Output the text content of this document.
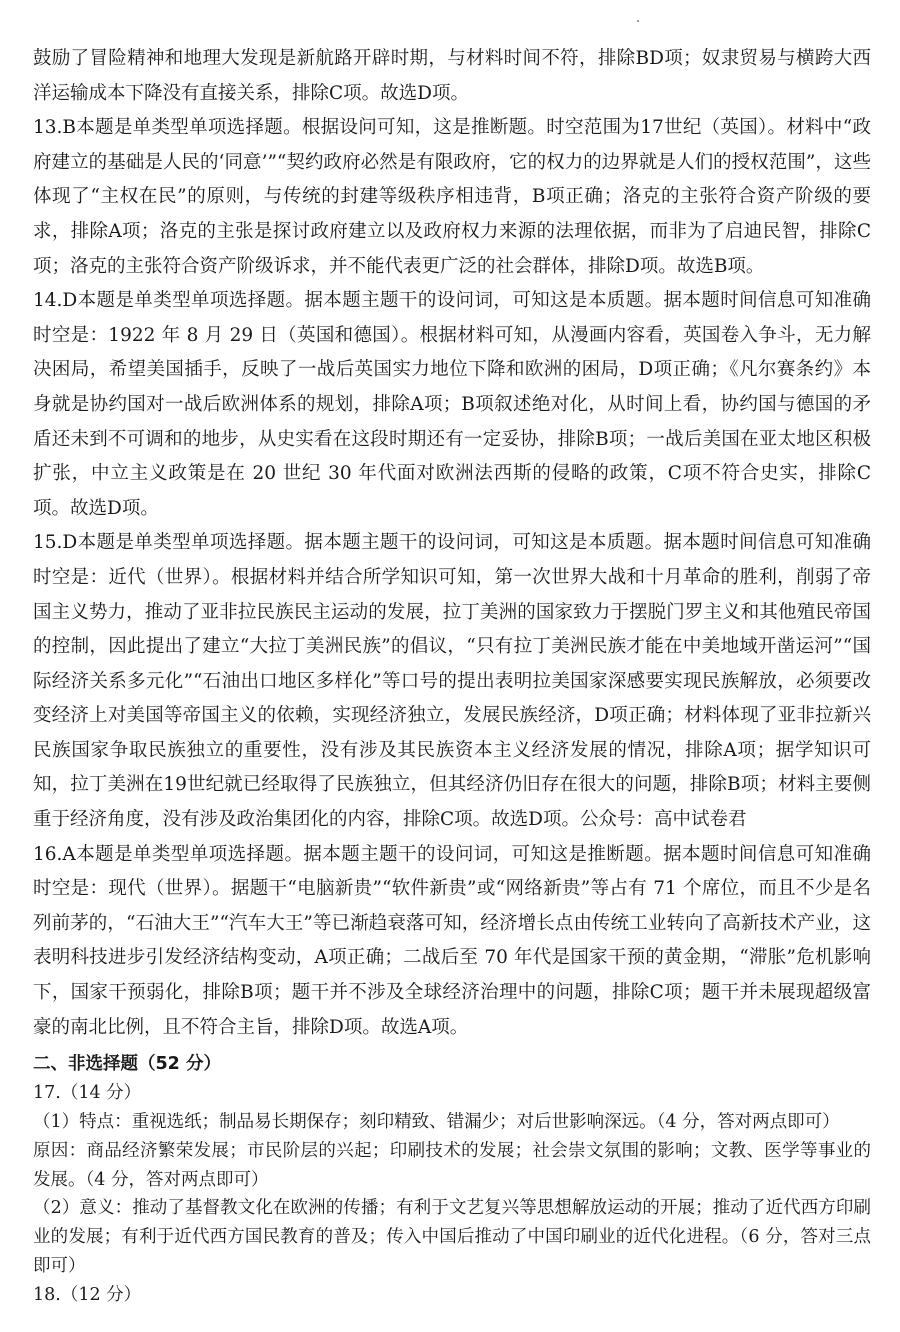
鼓励了冒险精神和地理大发现是新航路开辟时期，与材料时间不符，排除BD项；奴隶贸易与横跨大西洋运输成本下降没有直接关系，排除C项。故选D项。

13.B本题是单类型单项选择题。根据设问可知，这是推断题。时空范围为17世纪（英国）。材料中“政府建立的基础是人民的‘同意’”“契约政府必然是有限政府，它的权力的边界就是人们的授权范围”，这些体现了“主权在民”的原则，与传统的封建等级秩序相违背，B项正确；洛克的主张符合资产阶级的要求，排除A项；洛克的主张是探讨政府建立以及政府权力来源的法理依据，而非为了启迪民智，排除C项；洛克的主张符合资产阶级诉求，并不能代表更广泛的社会群体，排除D项。故选B项。

14.D本题是单类型单项选择题。据本题主题干的设问词，可知这是本质题。据本题时间信息可知准确时空是：1922 年 8 月 29 日（英国和德国）。根据材料可知，从漫画内容看，英国卷入争斗，无力解决困局，希望美国插手，反映了一战后英国实力地位下降和欧洲的困局，D项正确；《凡尔赛条约》本身就是协约国对一战后欧洲体系的规划，排除A项；B项叙述绝对化，从时间上看，协约国与德国的矛盾还未到不可调和的地步，从史实看在这段时期还有一定妥协，排除B项；一战后美国在亚太地区积极扩张，中立主义政策是在 20 世纪 30 年代面对欧洲法西斯的侵略的政策，C项不符合史实，排除C项。故选D项。

15.D本题是单类型单项选择题。据本题主题干的设问词，可知这是本质题。据本题时间信息可知准确时空是：近代（世界）。根据材料并结合所学知识可知，第一次世界大战和十月革命的胜利，削弱了帝国主义势力，推动了亚非拉民族民主运动的发展，拉丁美洲的国家致力于摆脱门罗主义和其他殖民帝国的控制，因此提出了建立“大拉丁美洲民族”的倡议，“只有拉丁美洲民族才能在中美地域开凿运河”“国际经济关系多元化”“石油出口地区多样化”等口号的提出表明拉美国家深感要实现民族解放，必须要改变经济上对美国等帝国主义的依赖，实现经济独立，发展民族经济，D项正确；材料体现了亚非拉新兴民族国家争取民族独立的重要性，没有涉及其民族资本主义经济发展的情况，排除A项；据学知识可知，拉丁美洲在19世纪就已经取得了民族独立，但其经济仍旧存在很大的问题，排除B项；材料主要侧重于经济角度，没有涉及政治集团化的内容，排除C项。故选D项。公众号：高中试卷君

16.A本题是单类型单项选择题。据本题主题干的设问词，可知这是推断题。据本题时间信息可知准确时空是：现代（世界）。据题干“电脑新贵”“软件新贵”或“网络新贵”等占有 71 个席位，而且不少是名列前茅的，“石油大王”“汽车大王”等已渐趋衰落可知，经济增长点由传统工业转向了高新技术产业，这表明科技进步引发经济结构变动，A项正确；二战后至 70 年代是国家干预的黄金期，“滞胀”危机影响下，国家干预弱化，排除B项；题干并不涉及全球经济治理中的问题，排除C项；题干并未展现超级富豪的南北比例，且不符合主旨，排除D项。故选A项。

二、非选择题（52 分）

17.（14 分）

（1）特点：重视选纸；制品易长期保存；刻印精致、错漏少；对后世影响深远。（4 分，答对两点即可）

原因：商品经济繁荣发展；市民阶层的兴起；印刷技术的发展；社会崇文氛围的影响；文教、医学等事业的发展。（4 分，答对两点即可）

（2）意义：推动了基督教文化在欧洲的传播；有利于文艺复兴等思想解放运动的开展；推动了近代西方印刷业的发展；有利于近代西方国民教育的普及；传入中国后推动了中国印刷业的近代化进程。（6 分，答对三点即可）

18.（12 分）
